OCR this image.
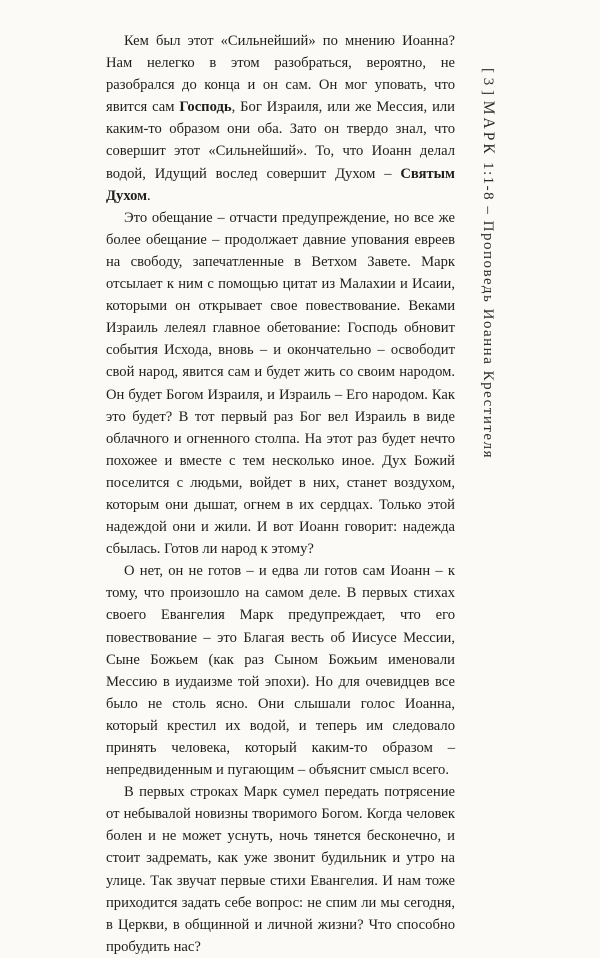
Кем был этот «Сильнейший» по мнению Иоанна? Нам нелегко в этом разобраться, вероятно, не разобрался до конца и он сам. Он мог уповать, что явится сам Господь, Бог Израиля, или же Мессия, или каким-то образом они оба. Зато он твердо знал, что совершит этот «Сильнейший». То, что Иоанн делал водой, Идущий вослед совершит Духом – Святым Духом.

Это обещание – отчасти предупреждение, но все же более обещание – продолжает давние упования евреев на свободу, запечатленные в Ветхом Завете. Марк отсылает к ним с помощью цитат из Малахии и Исаии, которыми он открывает свое повествование. Веками Израиль лелеял главное обетование: Господь обновит события Исхода, вновь – и окончательно – освободит свой народ, явится сам и будет жить со своим народом. Он будет Богом Израиля, и Израиль – Его народом. Как это будет? В тот первый раз Бог вел Израиль в виде облачного и огненного столпа. На этот раз будет нечто похожее и вместе с тем несколько иное. Дух Божий поселится с людьми, войдет в них, станет воздухом, которым они дышат, огнем в их сердцах. Только этой надеждой они и жили. И вот Иоанн говорит: надежда сбылась. Готов ли народ к этому?

О нет, он не готов – и едва ли готов сам Иоанн – к тому, что произошло на самом деле. В первых стихах своего Евангелия Марк предупреждает, что его повествование – это Благая весть об Иисусе Мессии, Сыне Божьем (как раз Сыном Божьим именовали Мессию в иудаизме той эпохи). Но для очевидцев все было не столь ясно. Они слышали голос Иоанна, который крестил их водой, и теперь им следовало принять человека, который каким-то образом – непредвиденным и пугающим – объяснит смысл всего.

В первых строках Марк сумел передать потрясение от небывалой новизны творимого Богом. Когда человек болен и не может уснуть, ночь тянется бесконечно, и стоит задремать, как уже звонит будильник и утро на улице. Так звучат первые стихи Евангелия. И нам тоже приходится задать себе вопрос: не спим ли мы сегодня, в Церкви, в общинной и личной жизни? Что способно пробудить нас?

[ 3 ] МАРК 1:1-8 – Проповедь Иоанна Крестителя
